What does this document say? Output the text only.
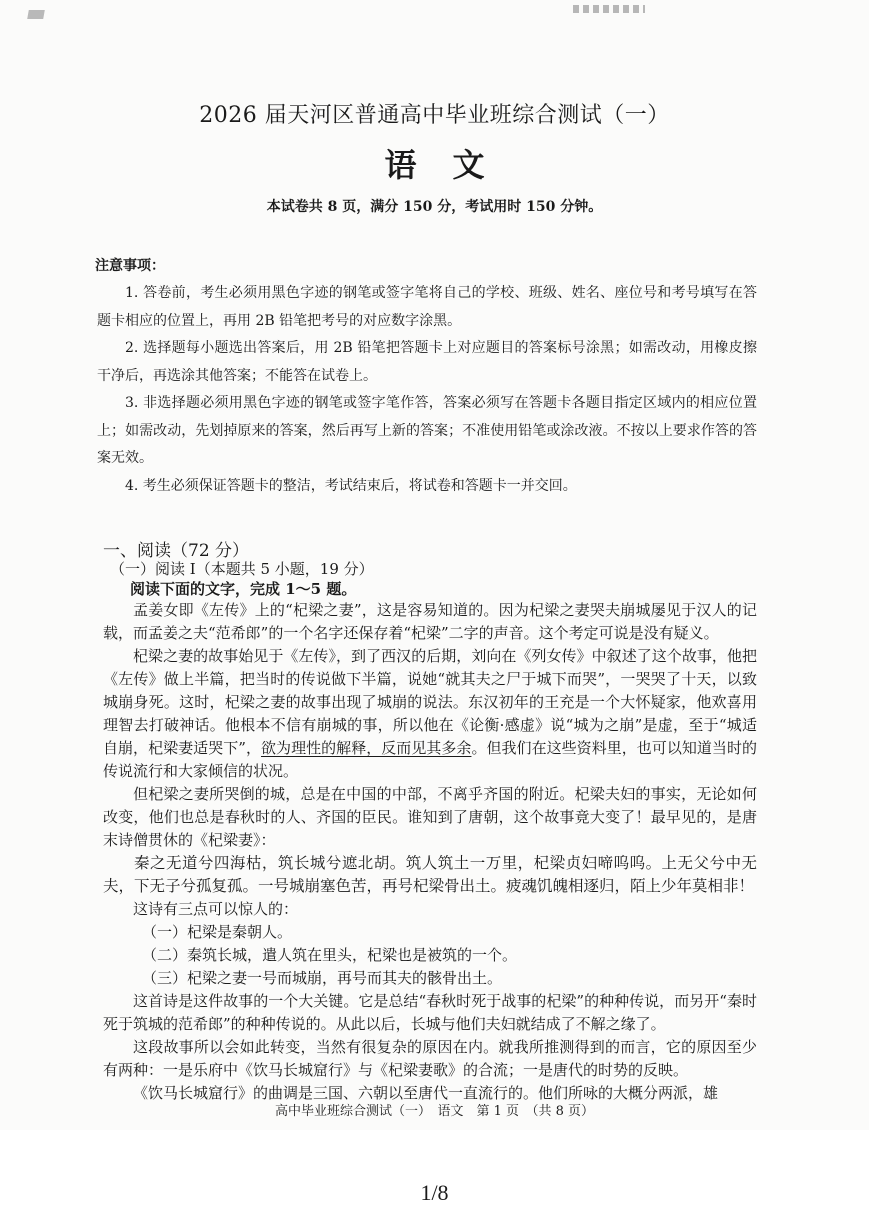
2026 届天河区普通高中毕业班综合测试（一）
语文
本试卷共 8 页，满分 150 分，考试用时 150 分钟。
注意事项：

1. 答卷前，考生必须用黑色字迹的钢笔或签字笔将自己的学校、班级、姓名、座位号和考号填写在答题卡相应的位置上，再用 2B 铅笔把考号的对应数字涂黑。

2. 选择题每小题选出答案后，用 2B 铅笔把答题卡上对应题目的答案标号涂黑；如需改动，用橡皮擦干净后，再选涂其他答案；不能答在试卷上。

3. 非选择题必须用黑色字迹的钢笔或签字笔作答，答案必须写在答题卡各题目指定区域内的相应位置上；如需改动，先划掉原来的答案，然后再写上新的答案；不准使用铅笔或涂改液。不按以上要求作答的答案无效。

4. 考生必须保证答题卡的整洁，考试结束后，将试卷和答题卡一并交回。

一、阅读（72 分）
（一）阅读 I（本题共 5 小题，19 分）
阅读下面的文字，完成 1～5 题。

孟姜女即《左传》上的“杞梁之妻”，这是容易知道的。因为杞梁之妻哭夫崩城屡见于汉人的记载，而孟姜之夫“范希郎”的一个名字还保存着“杞梁”二字的声音。这个考定可说是没有疑义。

杞梁之妻的故事始见于《左传》，到了西汉的后期，刘向在《列女传》中叙述了这个故事，他把《左传》做上半篇，把当时的传说做下半篇，说她“就其夫之尸于城下而哭”，一哭哭了十天，以致城崩身死。这时，杞梁之妻的故事出现了城崩的说法。东汉初年的王充是一个大怀疑家，他欢喜用理智去打破神话。他根本不信有崩城的事，所以他在《论衡·感虚》说“城为之崩”是虚，至于“城适自崩，杞梁妻适哭下”，欲为理性的解释，反而见其多余。但我们在这些资料里，也可以知道当时的传说流行和大家倾信的状况。

但杞梁之妻所哭倒的城，总是在中国的中部，不离乎齐国的附近。杞梁夫妇的事实，无论如何改变，他们也总是春秋时的人、齐国的臣民。谁知到了唐朝，这个故事竟大变了！最早见的，是唐末诗僧贯休的《杞梁妻》：

秦之无道兮四海枯，筑长城兮遮北胡。筑人筑土一万里，杞梁贞妇啼呜呜。上无父兮中无夫，下无子兮孤复孤。一号城崩塞色苦，再号杞梁骨出土。疲魂饥魄相逐归，陌上少年莫相非！

这诗有三点可以惊人的：

（一）杞梁是秦朝人。

（二）秦筑长城，遣人筑在里头，杞梁也是被筑的一个。

（三）杞梁之妻一号而城崩，再号而其夫的骸骨出土。

这首诗是这件故事的一个大关键。它是总结“春秋时死于战事的杞梁”的种种传说，而另开“秦时死于筑城的范希郎”的种种传说的。从此以后，长城与他们夫妇就结成了不解之缘了。

这段故事所以会如此转变，当然有很复杂的原因在内。就我所推测得到的而言，它的原因至少有两种：一是乐府中《饮马长城窟行》与《杞梁妻歌》的合流；一是唐代的时势的反映。

《饮马长城窟行》的曲调是三国、六朝以至唐代一直流行的。他们所咏的大概分两派，雄

高中毕业班综合测试（一）　语文　第 1 页　（共 8 页）
1/8
